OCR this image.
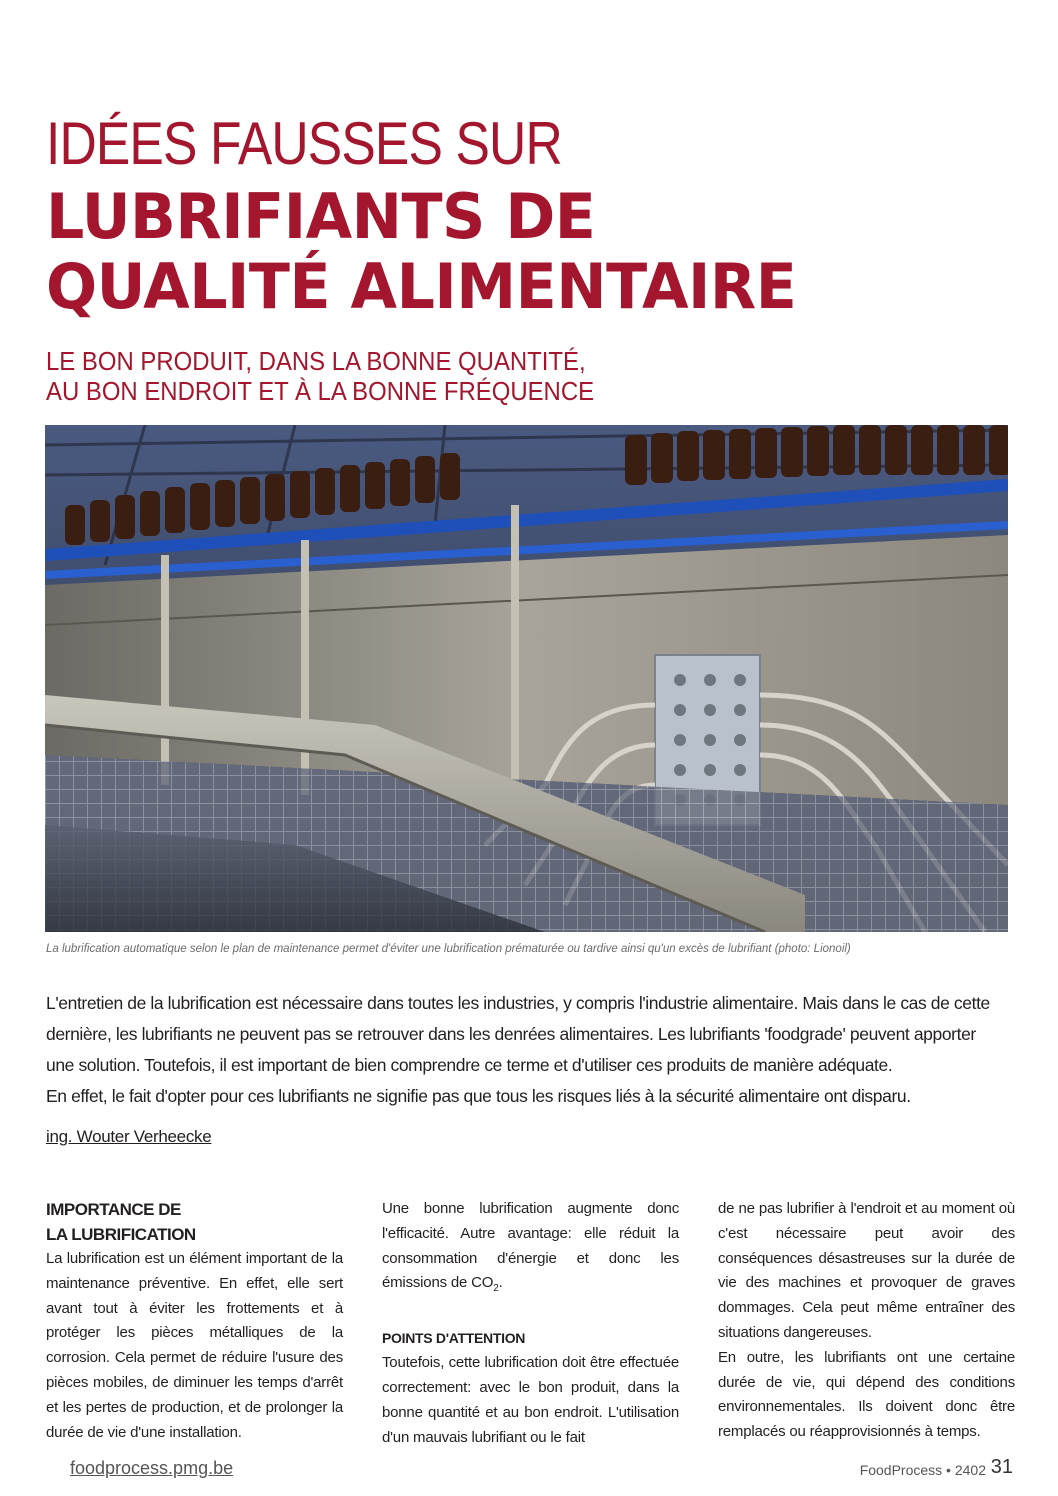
IDÉES FAUSSES SUR
LUBRIFIANTS DE
QUALITÉ ALIMENTAIRE
LE BON PRODUIT, DANS LA BONNE QUANTITÉ,
AU BON ENDROIT ET À LA BONNE FRÉQUENCE
La lubrification automatique selon le plan de maintenance permet d'éviter une lubrification prématurée ou tardive ainsi qu'un excès de lubrifiant (photo: Lionoil)

L'entretien de la lubrification est nécessaire dans toutes les industries, y compris l'industrie alimentaire. Mais dans le cas de cette

dernière, les lubrifiants ne peuvent pas se retrouver dans les denrées alimentaires. Les lubrifiants 'foodgrade' peuvent apporter

une solution. Toutefois, il est important de bien comprendre ce terme et d'utiliser ces produits de manière adéquate.

En effet, le fait d'opter pour ces lubrifiants ne signifie pas que tous les risques liés à la sécurité alimentaire ont disparu.

ing. Wouter Verheecke
IMPORTANCE DE
LA LUBRIFICATION

La lubrification est un élément important de la maintenance préventive. En effet, elle sert avant tout à éviter les frottements et à protéger les pièces métalliques de la corrosion. Cela permet de réduire l'usure des pièces mobiles, de diminuer les temps d'arrêt et les pertes de production, et de prolonger la durée de vie d'une installation.

Une bonne lubrification augmente donc l'efficacité. Autre avantage: elle réduit la consommation d'énergie et donc les émissions de $CO_2$.

POINTS D'ATTENTION

Toutefois, cette lubrification doit être effectuée correctement: avec le bon produit, dans la bonne quantité et au bon endroit. L'utilisation d'un mauvais lubrifiant ou le fait

de ne pas lubrifier à l'endroit et au moment où c'est nécessaire peut avoir des conséquences désastreuses sur la durée de vie des machines et provoquer de graves dommages. Cela peut même entraîner des situations dangereuses.

En outre, les lubrifiants ont une certaine durée de vie, qui dépend des conditions environnementales. Ils doivent donc être remplacés ou réapprovisionnés à temps.

foodprocess.pmg.be	FoodProcess • 2402 31
